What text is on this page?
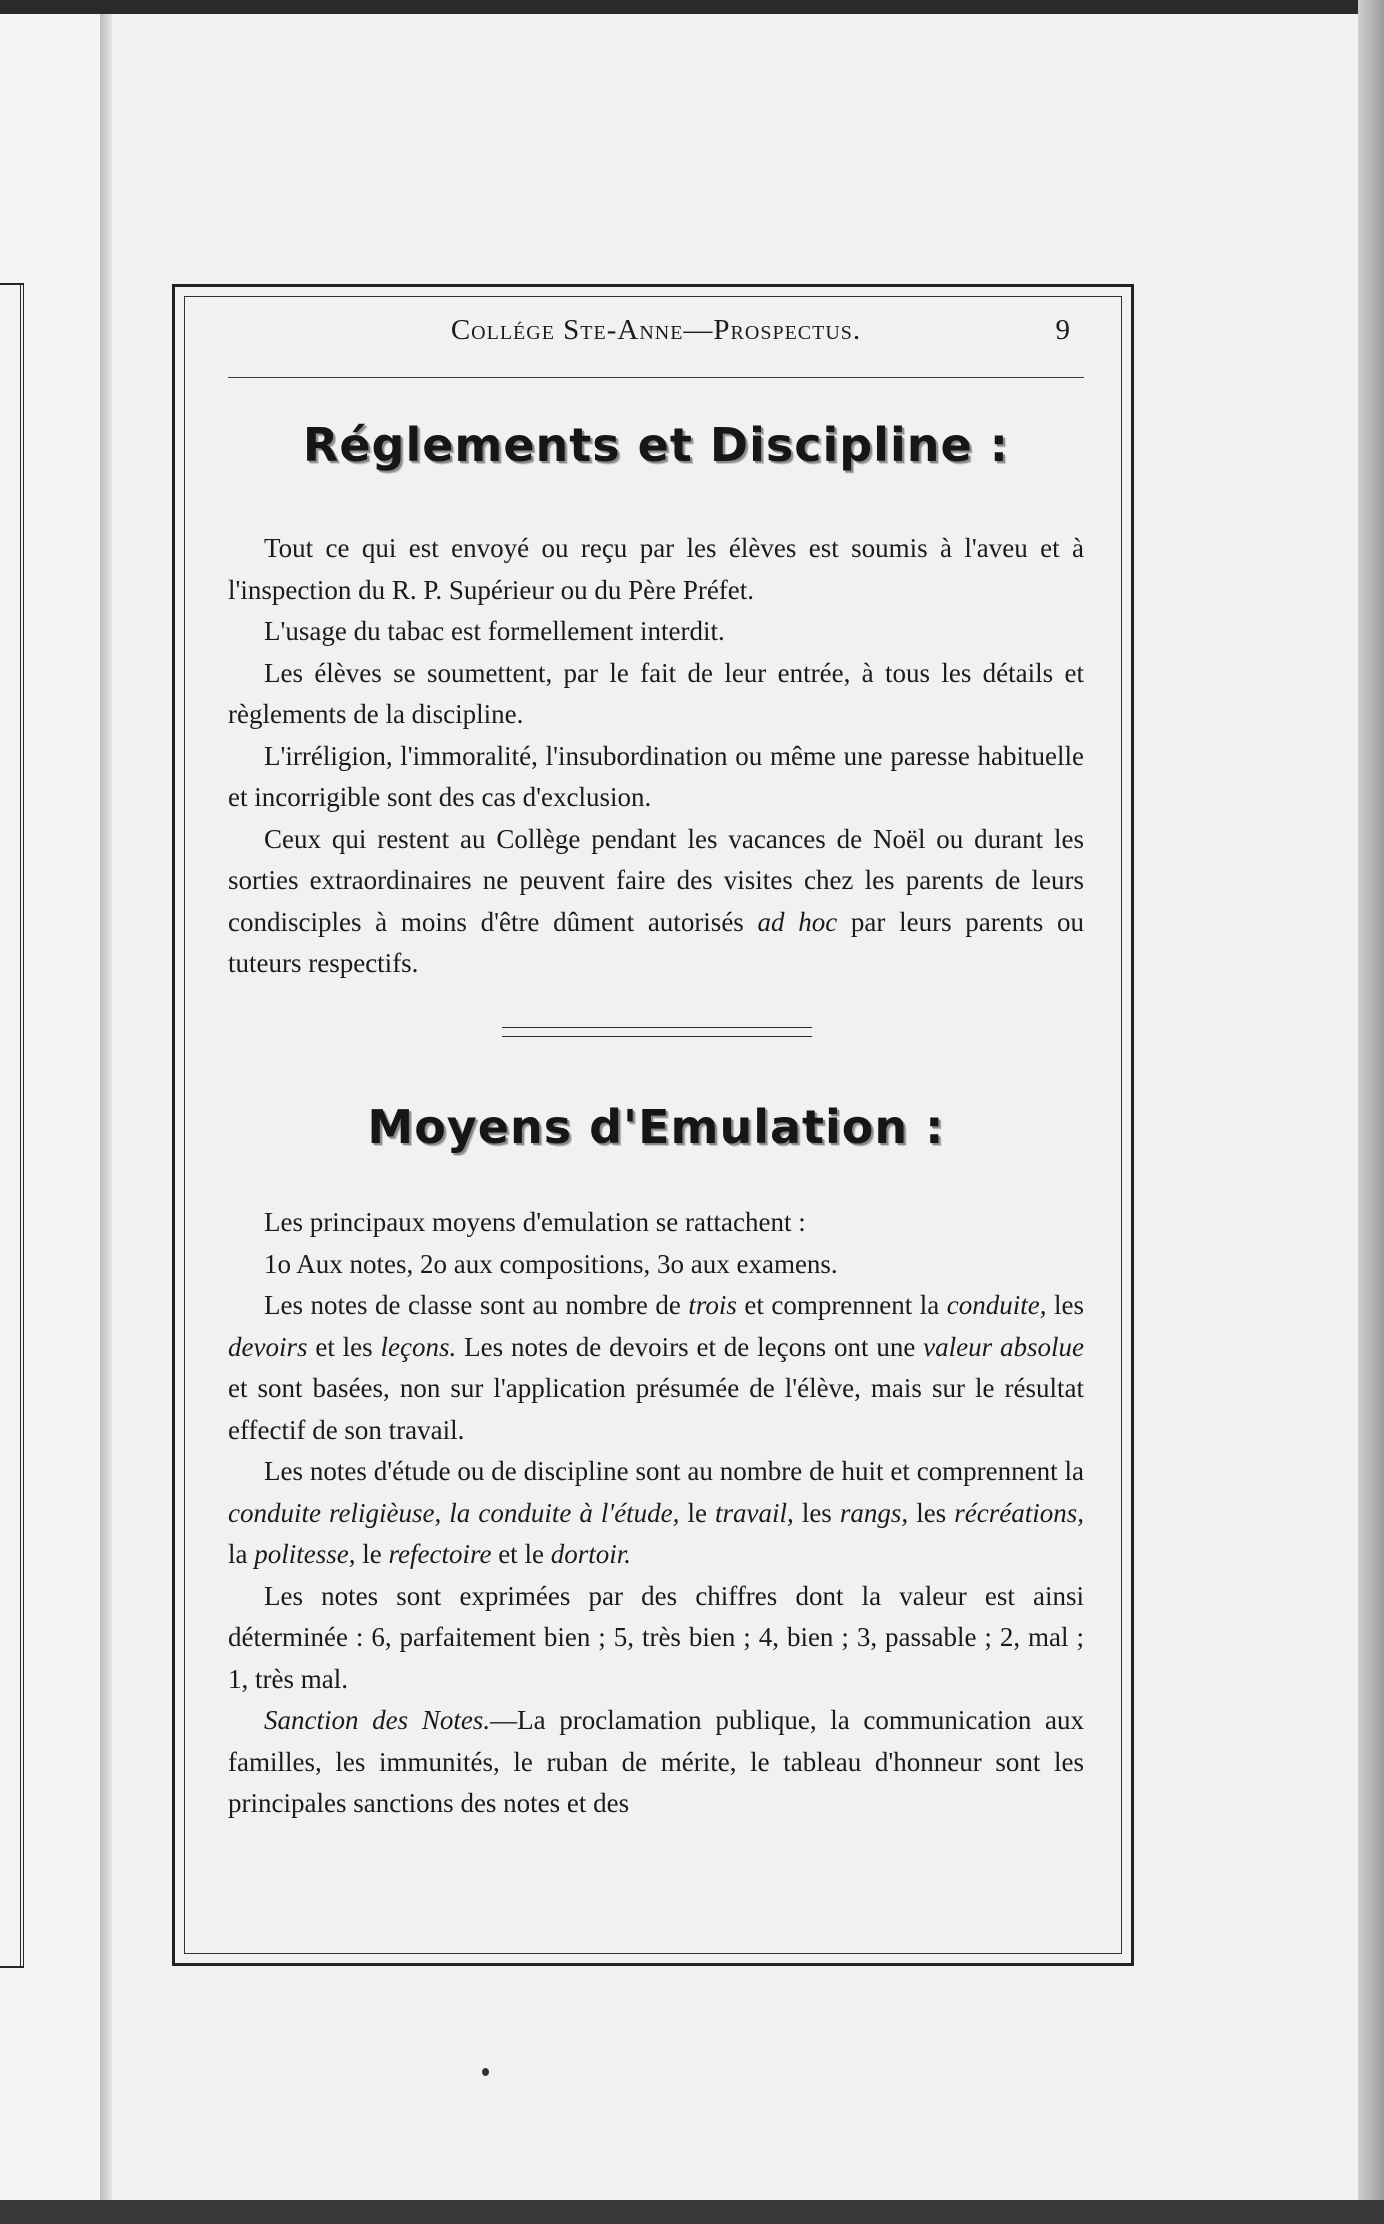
Collége Ste-Anne—Prospectus.	9
Réglements et Discipline :

Tout ce qui est envoyé ou reçu par les élèves est soumis à l'aveu et à l'inspection du R. P. Supérieur ou du Père Préfet.

L'usage du tabac est formellement interdit.

Les élèves se soumettent, par le fait de leur entrée, à tous les détails et règlements de la discipline.

L'irréligion, l'immoralité, l'insubordination ou même une paresse habituelle et incorrigible sont des cas d'exclusion.

Ceux qui restent au Collège pendant les vacances de Noël ou durant les sorties extraordinaires ne peuvent faire des visites chez les parents de leurs condisciples à moins d'être dûment autorisés ad hoc par leurs parents ou tuteurs respectifs.

Moyens d'Emulation :

Les principaux moyens d'emulation se rattachent :

1o Aux notes, 2o aux compositions, 3o aux examens.

Les notes de classe sont au nombre de trois et comprennent la conduite, les devoirs et les leçons. Les notes de devoirs et de leçons ont une valeur absolue et sont basées, non sur l'application présumée de l'élève, mais sur le résultat effectif de son travail.

Les notes d'étude ou de discipline sont au nombre de huit et comprennent la conduite religièuse, la conduite à l'étude, le travail, les rangs, les récréations, la politesse, le refectoire et le dortoir.

Les notes sont exprimées par des chiffres dont la valeur est ainsi déterminée : 6, parfaitement bien ; 5, très bien ; 4, bien ; 3, passable ; 2, mal ; 1, très mal.

Sanction des Notes.—La proclamation publique, la communication aux familles, les immunités, le ruban de mérite, le tableau d'honneur sont les principales sanctions des notes et des
